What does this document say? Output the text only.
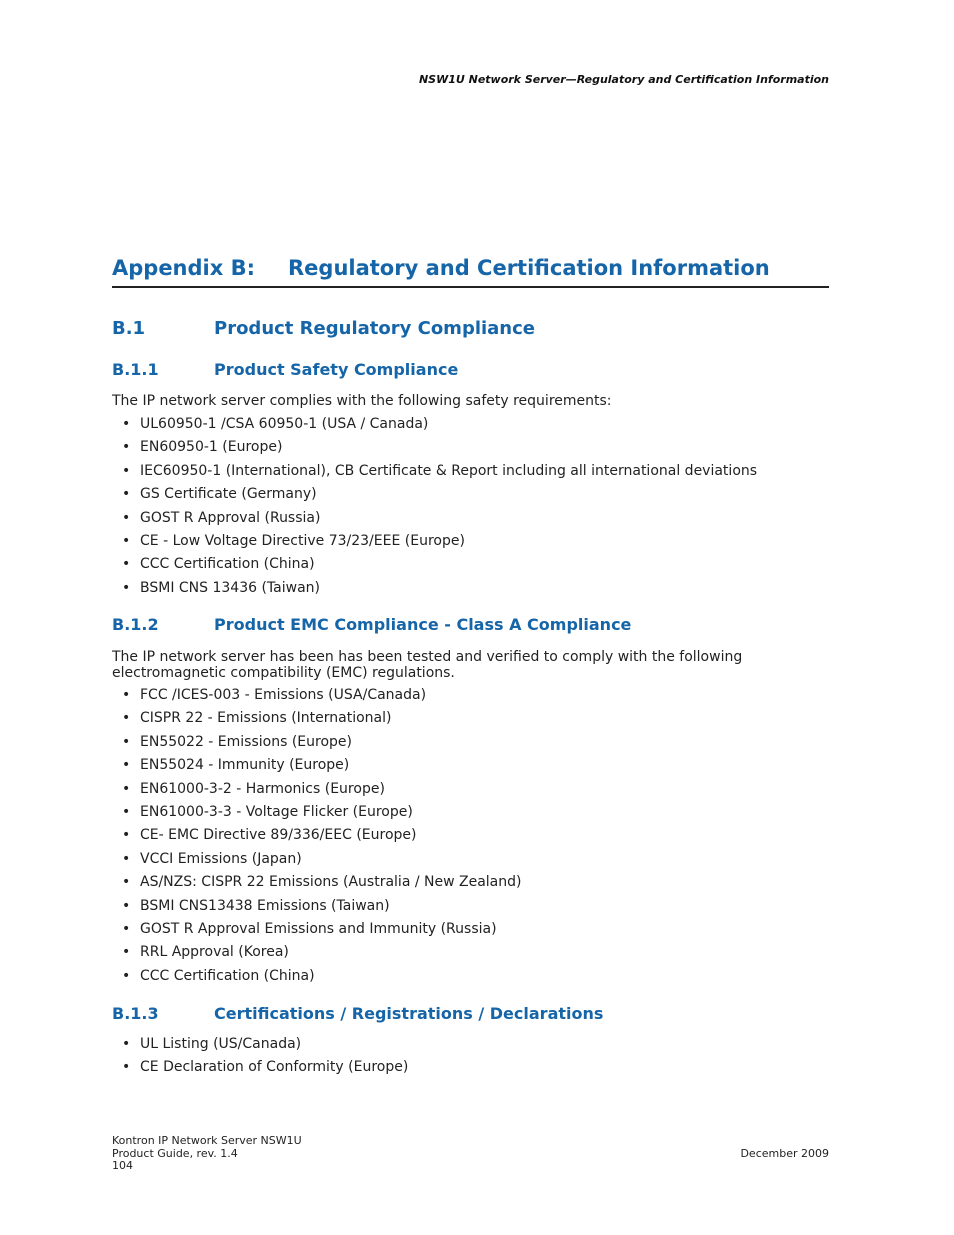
NSW1U Network Server—Regulatory and Certification Information
Appendix B: Regulatory and Certification Information
B.1	Product Regulatory Compliance
B.1.1	Product Safety Compliance
The IP network server complies with the following safety requirements:
• UL60950-1 /CSA 60950-1 (USA / Canada)
• EN60950-1 (Europe)
• IEC60950-1 (International), CB Certificate & Report including all international deviations
• GS Certificate (Germany)
• GOST R Approval (Russia)
• CE - Low Voltage Directive 73/23/EEE (Europe)
• CCC Certification (China)
• BSMI CNS 13436 (Taiwan)
B.1.2	Product EMC Compliance - Class A Compliance
The IP network server has been has been tested and verified to comply with the following
electromagnetic compatibility (EMC) regulations.
• FCC /ICES-003 - Emissions (USA/Canada)
• CISPR 22 - Emissions (International)
• EN55022 - Emissions (Europe)
• EN55024 - Immunity (Europe)
• EN61000-3-2 - Harmonics (Europe)
• EN61000-3-3 - Voltage Flicker (Europe)
• CE- EMC Directive 89/336/EEC (Europe)
• VCCI Emissions (Japan)
• AS/NZS: CISPR 22 Emissions (Australia / New Zealand)
• BSMI CNS13438 Emissions (Taiwan)
• GOST R Approval Emissions and Immunity (Russia)
• RRL Approval (Korea)
• CCC Certification (China)
B.1.3	Certifications / Registrations / Declarations
• UL Listing (US/Canada)
• CE Declaration of Conformity (Europe)
Kontron IP Network Server NSW1U
Product Guide, rev. 1.4
104
December 2009
